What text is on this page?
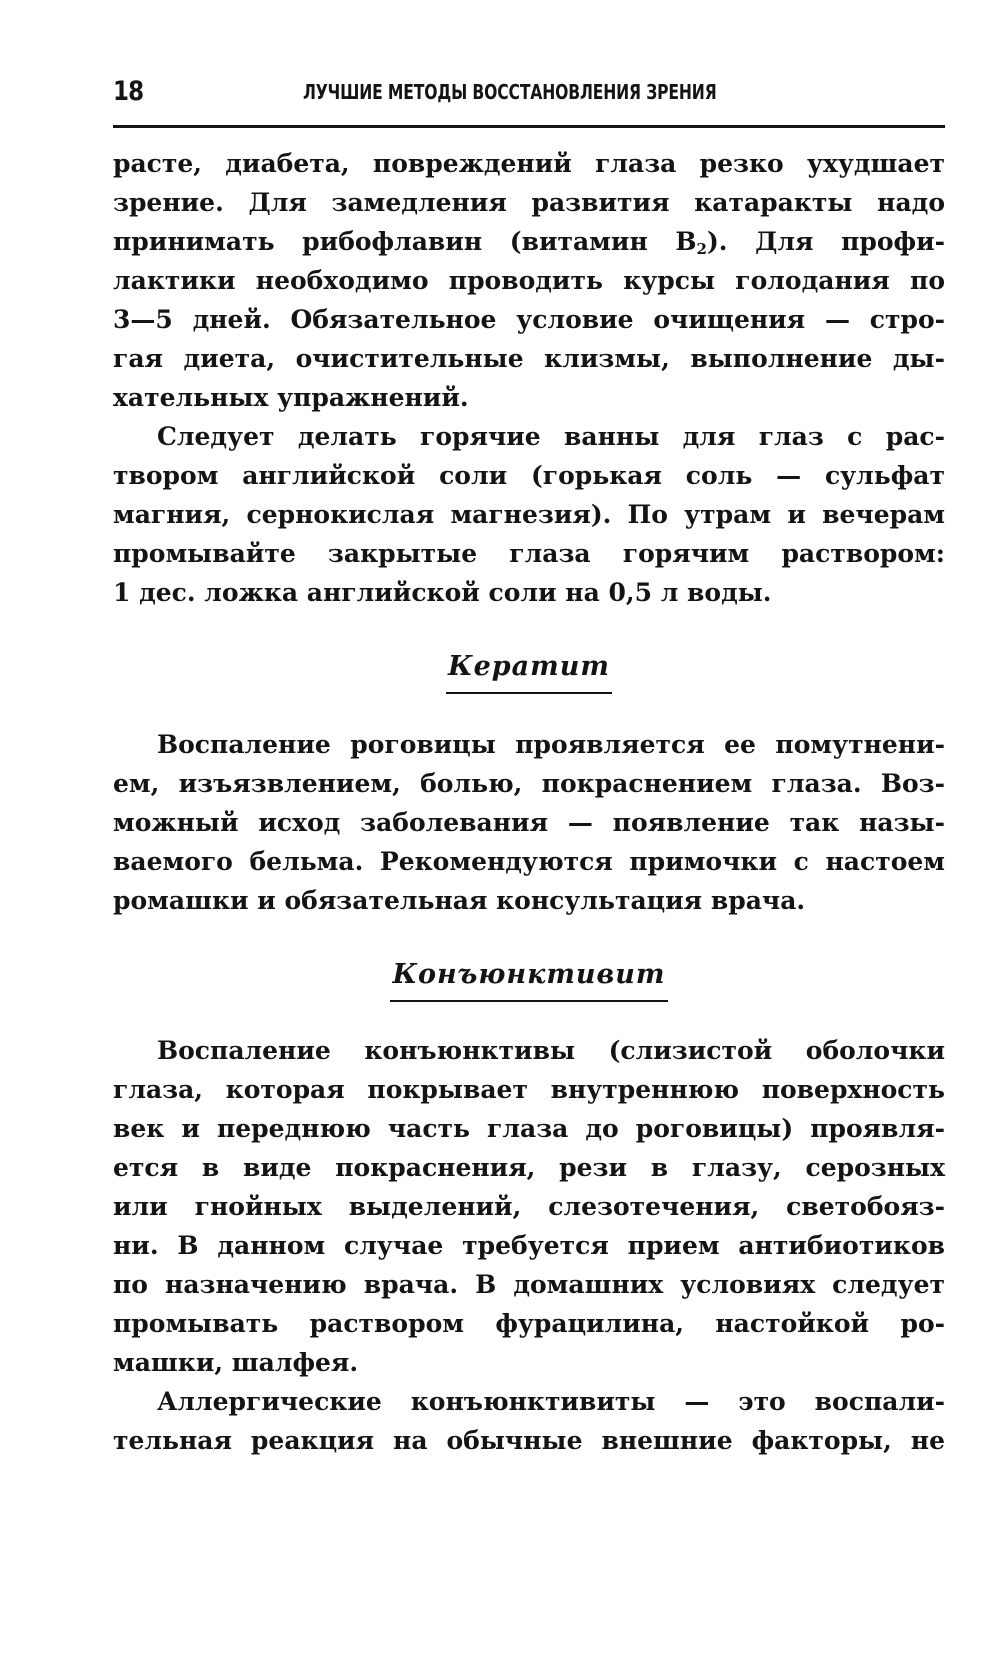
18	ЛУЧШИЕ МЕТОДЫ ВОССТАНОВЛЕНИЯ ЗРЕНИЯ
расте, диабета, повреждений глаза резко ухудшает
зрение. Для замедления развития катаракты надо
принимать рибофлавин (витамин $B_2$). Для профи-
лактики необходимо проводить курсы голодания по
3—5 дней. Обязательное условие очищения — стро-
гая диета, очистительные клизмы, выполнение ды-
хательных упражнений.
Следует делать горячие ванны для глаз с рас-
твором английской соли (горькая соль — сульфат
магния, сернокислая магнезия). По утрам и вечерам
промывайте закрытые глаза горячим раствором:
1 дес. ложка английской соли на 0,5 л воды.
Кератит
Воспаление роговицы проявляется ее помутнени-
ем, изъязвлением, болью, покраснением глаза. Воз-
можный исход заболевания — появление так назы-
ваемого бельма. Рекомендуются примочки с настоем
ромашки и обязательная консультация врача.
Конъюнктивит
Воспаление конъюнктивы (слизистой оболочки
глаза, которая покрывает внутреннюю поверхность
век и переднюю часть глаза до роговицы) проявля-
ется в виде покраснения, рези в глазу, серозных
или гнойных выделений, слезотечения, светобояз-
ни. В данном случае требуется прием антибиотиков
по назначению врача. В домашних условиях следует
промывать раствором фурацилина, настойкой ро-
машки, шалфея.
Аллергические конъюнктивиты — это воспали-
тельная реакция на обычные внешние факторы, не
